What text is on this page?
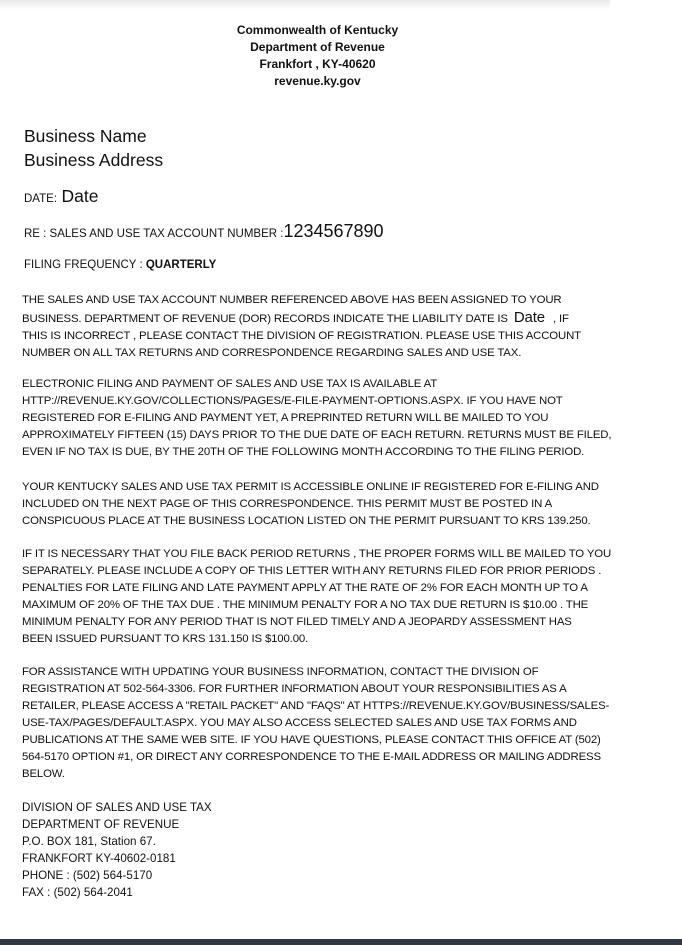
Commonwealth of Kentucky
Department of Revenue
Frankfort , KY-40620
revenue.ky.gov
Business Name
Business Address
DATE: Date
RE : SALES AND USE TAX ACCOUNT NUMBER :1234567890
FILING FREQUENCY : QUARTERLY
THE SALES AND USE TAX ACCOUNT NUMBER REFERENCED ABOVE HAS BEEN ASSIGNED TO YOUR
BUSINESS. DEPARTMENT OF REVENUE (DOR) RECORDS INDICATE THE LIABILITY DATE IS Date , IF
THIS IS INCORRECT , PLEASE CONTACT THE DIVISION OF REGISTRATION. PLEASE USE THIS ACCOUNT
NUMBER ON ALL TAX RETURNS AND CORRESPONDENCE REGARDING SALES AND USE TAX.
ELECTRONIC FILING AND PAYMENT OF SALES AND USE TAX IS AVAILABLE AT
HTTP://REVENUE.KY.GOV/COLLECTIONS/PAGES/E-FILE-PAYMENT-OPTIONS.ASPX. IF YOU HAVE NOT
REGISTERED FOR E-FILING AND PAYMENT YET, A PREPRINTED RETURN WILL BE MAILED TO YOU
APPROXIMATELY FIFTEEN (15) DAYS PRIOR TO THE DUE DATE OF EACH RETURN. RETURNS MUST BE FILED,
EVEN IF NO TAX IS DUE, BY THE 20TH OF THE FOLLOWING MONTH ACCORDING TO THE FILING PERIOD.
YOUR KENTUCKY SALES AND USE TAX PERMIT IS ACCESSIBLE ONLINE IF REGISTERED FOR E-FILING AND
INCLUDED ON THE NEXT PAGE OF THIS CORRESPONDENCE. THIS PERMIT MUST BE POSTED IN A
CONSPICUOUS PLACE AT THE BUSINESS LOCATION LISTED ON THE PERMIT PURSUANT TO KRS 139.250.
IF IT IS NECESSARY THAT YOU FILE BACK PERIOD RETURNS , THE PROPER FORMS WILL BE MAILED TO YOU
SEPARATELY. PLEASE INCLUDE A COPY OF THIS LETTER WITH ANY RETURNS FILED FOR PRIOR PERIODS .
PENALTIES FOR LATE FILING AND LATE PAYMENT APPLY AT THE RATE OF 2% FOR EACH MONTH UP TO A
MAXIMUM OF 20% OF THE TAX DUE . THE MINIMUM PENALTY FOR A NO TAX DUE RETURN IS $10.00 . THE
MINIMUM PENALTY FOR ANY PERIOD THAT IS NOT FILED TIMELY AND A JEOPARDY ASSESSMENT HAS
BEEN ISSUED PURSUANT TO KRS 131.150 IS $100.00.
FOR ASSISTANCE WITH UPDATING YOUR BUSINESS INFORMATION, CONTACT THE DIVISION OF
REGISTRATION AT 502-564-3306. FOR FURTHER INFORMATION ABOUT YOUR RESPONSIBILITIES AS A
RETAILER, PLEASE ACCESS A "RETAIL PACKET" AND "FAQS" AT HTTPS://REVENUE.KY.GOV/BUSINESS/SALES-
USE-TAX/PAGES/DEFAULT.ASPX. YOU MAY ALSO ACCESS SELECTED SALES AND USE TAX FORMS AND
PUBLICATIONS AT THE SAME WEB SITE. IF YOU HAVE QUESTIONS, PLEASE CONTACT THIS OFFICE AT (502)
564-5170 OPTION #1, OR DIRECT ANY CORRESPONDENCE TO THE E-MAIL ADDRESS OR MAILING ADDRESS
BELOW.
DIVISION OF SALES AND USE TAX
DEPARTMENT OF REVENUE
P.O. BOX 181, Station 67.
FRANKFORT KY-40602-0181
PHONE : (502) 564-5170
FAX : (502) 564-2041
